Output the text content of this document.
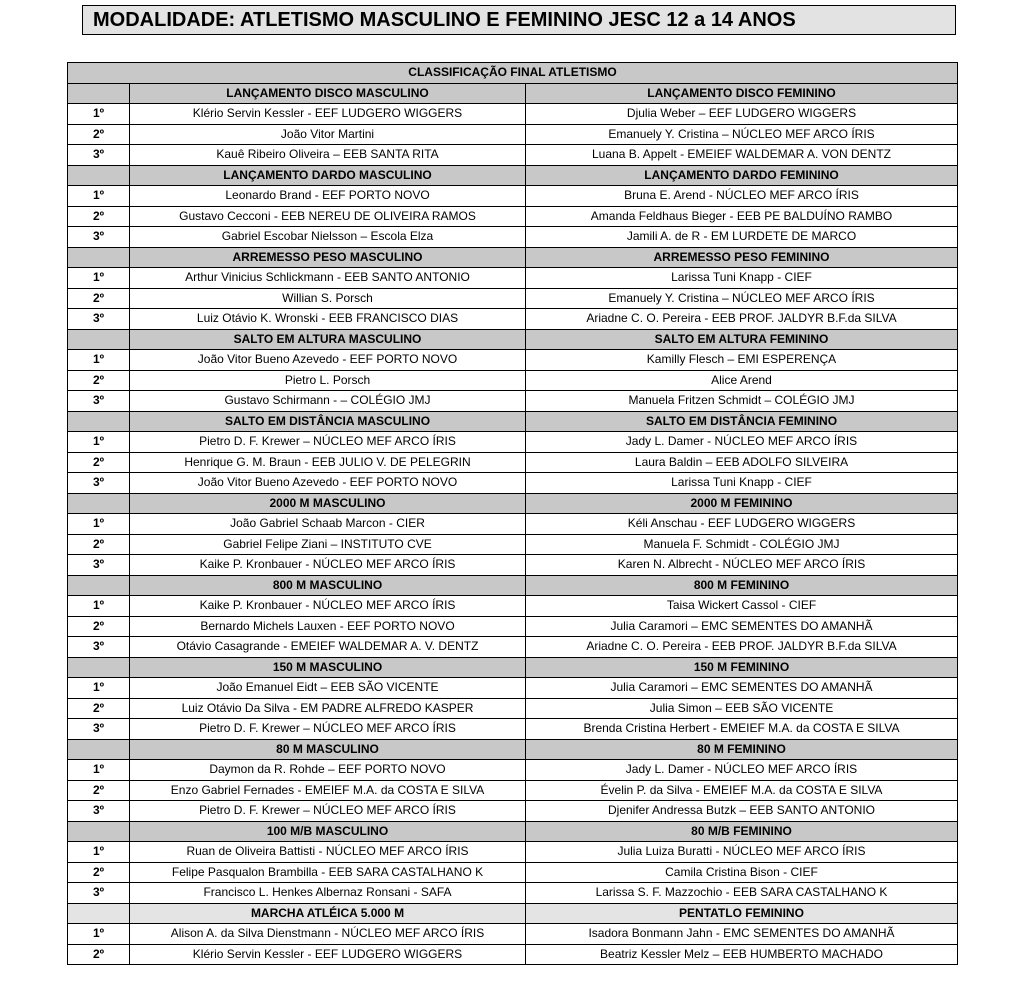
MODALIDADE: ATLETISMO MASCULINO E FEMININO JESC 12 a 14 ANOS
CLASSIFICAÇÃO FINAL ATLETISMO		
	LANÇAMENTO DISCO MASCULINO	LANÇAMENTO DISCO FEMININO
1º	Klério Servin Kessler - EEF LUDGERO WIGGERS	Djulia Weber – EEF LUDGERO WIGGERS
2º	João Vitor Martini	Emanuely Y. Cristina – NÚCLEO MEF ARCO ÍRIS
3º	Kauê Ribeiro Oliveira – EEB SANTA RITA	Luana B. Appelt - EMEIEF WALDEMAR A. VON DENTZ
	LANÇAMENTO DARDO MASCULINO	LANÇAMENTO DARDO FEMININO
1º	Leonardo Brand - EEF PORTO NOVO	Bruna E. Arend - NÚCLEO MEF ARCO ÍRIS
2º	Gustavo Cecconi - EEB NEREU DE OLIVEIRA RAMOS	Amanda Feldhaus Bieger - EEB PE BALDUÍNO RAMBO
3º	Gabriel Escobar Nielsson – Escola Elza	Jamili A. de R - EM LURDETE DE MARCO
	ARREMESSO PESO MASCULINO	ARREMESSO PESO FEMININO
1º	Arthur Vinicius Schlickmann - EEB SANTO ANTONIO	Larissa Tuni Knapp - CIEF
2º	Willian S. Porsch	Emanuely Y. Cristina – NÚCLEO MEF ARCO ÍRIS
3º	Luiz Otávio K. Wronski - EEB FRANCISCO DIAS	Ariadne C. O. Pereira - EEB PROF. JALDYR B.F.da SILVA
	SALTO EM ALTURA MASCULINO	SALTO EM ALTURA FEMININO
1º	João Vitor Bueno Azevedo - EEF PORTO NOVO	Kamilly Flesch – EMI ESPERENÇA
2º	Pietro L. Porsch	Alice Arend
3º	Gustavo Schirmann - – COLÉGIO JMJ	Manuela Fritzen Schmidt – COLÉGIO JMJ
	SALTO EM DISTÂNCIA MASCULINO	SALTO EM DISTÂNCIA FEMININO
1º	Pietro D. F. Krewer – NÚCLEO MEF ARCO ÍRIS	Jady L. Damer - NÚCLEO MEF ARCO ÍRIS
2º	Henrique G. M. Braun - EEB JULIO V. DE PELEGRIN	Laura Baldin – EEB ADOLFO SILVEIRA
3º	João Vitor Bueno Azevedo - EEF PORTO NOVO	Larissa Tuni Knapp - CIEF
	2000 M MASCULINO	2000 M FEMININO
1º	João Gabriel Schaab Marcon - CIER	Kéli Anschau - EEF LUDGERO WIGGERS
2º	Gabriel Felipe Ziani – INSTITUTO CVE	Manuela F. Schmidt - COLÉGIO JMJ
3º	Kaike P. Kronbauer - NÚCLEO MEF ARCO ÍRIS	Karen N. Albrecht - NÚCLEO MEF ARCO ÍRIS
	800 M MASCULINO	800 M FEMININO
1º	Kaike P. Kronbauer - NÚCLEO MEF ARCO ÍRIS	Taisa Wickert Cassol - CIEF
2º	Bernardo Michels Lauxen - EEF PORTO NOVO	Julia Caramori – EMC SEMENTES DO AMANHÃ
3º	Otávio Casagrande - EMEIEF WALDEMAR A. V. DENTZ	Ariadne C. O. Pereira - EEB PROF. JALDYR B.F.da SILVA
	150 M MASCULINO	150 M FEMININO
1º	João Emanuel Eidt – EEB SÃO VICENTE	Julia Caramori – EMC SEMENTES DO AMANHÃ
2º	Luiz Otávio Da Silva - EM PADRE ALFREDO KASPER	Julia Simon – EEB SÃO VICENTE
3º	Pietro D. F. Krewer – NÚCLEO MEF ARCO ÍRIS	Brenda Cristina Herbert - EMEIEF M.A. da COSTA E SILVA
	80 M MASCULINO	80 M FEMININO
1º	Daymon da R. Rohde – EEF PORTO NOVO	Jady L. Damer - NÚCLEO MEF ARCO ÍRIS
2º	Enzo Gabriel Fernades - EMEIEF M.A. da COSTA E SILVA	Évelin P. da Silva - EMEIEF M.A. da COSTA E SILVA
3º	Pietro D. F. Krewer – NÚCLEO MEF ARCO ÍRIS	Djenifer Andressa Butzk – EEB SANTO ANTONIO
	100 M/B MASCULINO	80 M/B FEMININO
1º	Ruan de Oliveira Battisti - NÚCLEO MEF ARCO ÍRIS	Julia Luiza Buratti - NÚCLEO MEF ARCO ÍRIS
2º	Felipe Pasqualon Brambilla - EEB SARA CASTALHANO K	Camila Cristina Bison - CIEF
3º	Francisco L. Henkes Albernaz Ronsani - SAFA	Larissa S. F. Mazzochio - EEB SARA CASTALHANO K
	MARCHA ATLÉICA 5.000 M	PENTATLO FEMININO
1º	Alison A. da Silva Dienstmann - NÚCLEO MEF ARCO ÍRIS	Isadora Bonmann Jahn - EMC SEMENTES DO AMANHÃ
2º	Klério Servin Kessler - EEF LUDGERO WIGGERS	Beatriz Kessler Melz – EEB HUMBERTO MACHADO
